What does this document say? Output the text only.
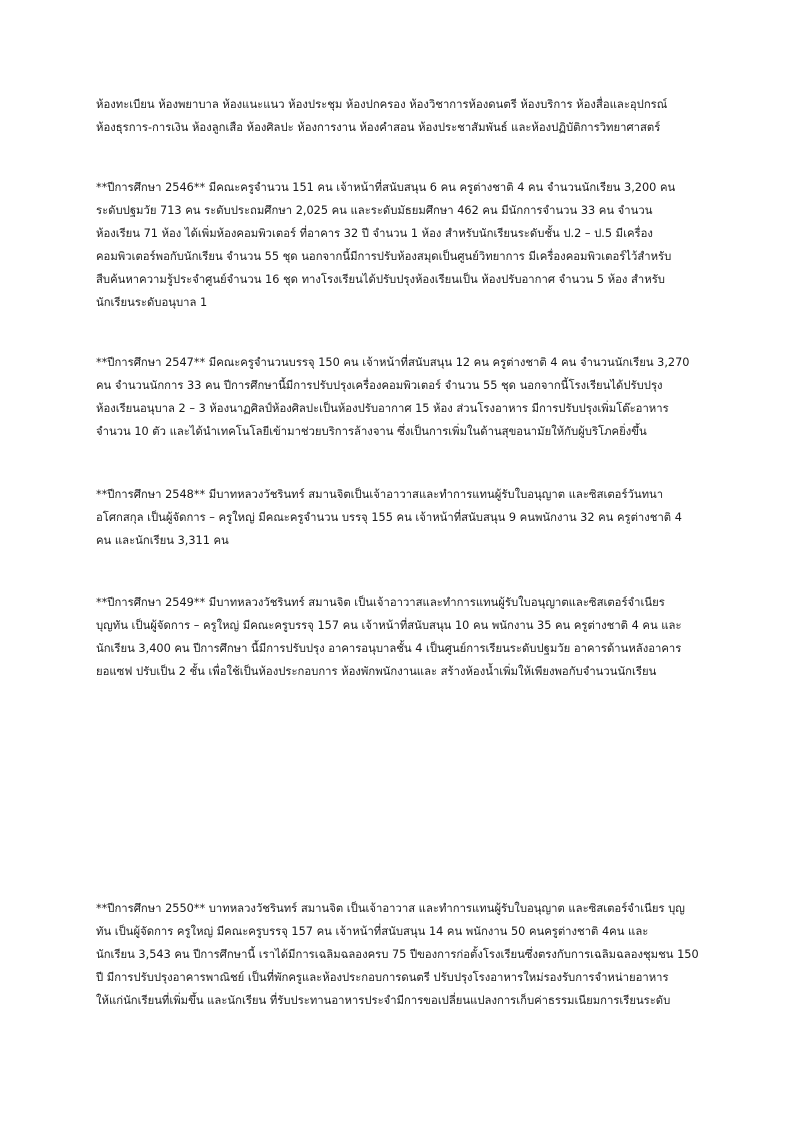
ห้องทะเบียน ห้องพยาบาล ห้องแนะแนว ห้องประชุม ห้องปกครอง ห้องวิชาการห้องดนตรี ห้องบริการ ห้องสื่อและอุปกรณ์
ห้องธุรการ-การเงิน ห้องลูกเสือ ห้องศิลปะ ห้องการงาน ห้องคำสอน ห้องประชาสัมพันธ์ และห้องปฏิบัติการวิทยาศาสตร์
**ปีการศึกษา 2546** มีคณะครูจำนวน 151 คน เจ้าหน้าที่สนับสนุน 6 คน ครูต่างชาติ 4 คน จำนวนนักเรียน 3,200 คน
ระดับปฐมวัย 713 คน ระดับประถมศึกษา 2,025 คน และระดับมัธยมศึกษา 462 คน มีนักการจำนวน 33 คน จำนวน
ห้องเรียน 71 ห้อง ได้เพิ่มห้องคอมพิวเตอร์ ที่อาคาร 32 ปี จำนวน 1 ห้อง สำหรับนักเรียนระดับชั้น ป.2 – ป.5 มีเครื่อง
คอมพิวเตอร์พอกับนักเรียน จำนวน 55 ชุด นอกจากนี้มีการปรับห้องสมุดเป็นศูนย์วิทยาการ มีเครื่องคอมพิวเตอร์ไว้สำหรับ
สืบค้นหาความรู้ประจำศูนย์จำนวน 16 ชุด ทางโรงเรียนได้ปรับปรุงห้องเรียนเป็น ห้องปรับอากาศ จำนวน 5 ห้อง สำหรับ
นักเรียนระดับอนุบาล 1
**ปีการศึกษา 2547** มีคณะครูจำนวนบรรจุ 150 คน เจ้าหน้าที่สนับสนุน 12 คน ครูต่างชาติ 4 คน จำนวนนักเรียน 3,270
คน จำนวนนักการ 33 คน ปีการศึกษานี้มีการปรับปรุงเครื่องคอมพิวเตอร์ จำนวน 55 ชุด นอกจากนี้โรงเรียนได้ปรับปรุง
ห้องเรียนอนุบาล 2 – 3 ห้องนาฏศิลป์ห้องศิลปะเป็นห้องปรับอากาศ 15 ห้อง ส่วนโรงอาหาร มีการปรับปรุงเพิ่มโต๊ะอาหาร
จำนวน 10 ตัว และได้นำเทคโนโลยีเข้ามาช่วยบริการล้างจาน ซึ่งเป็นการเพิ่มในด้านสุขอนามัยให้กับผู้บริโภคยิ่งขึ้น
**ปีการศึกษา 2548** มีบาทหลวงวัชรินทร์ สมานจิตเป็นเจ้าอาวาสและทำการแทนผู้รับใบอนุญาต และซิสเตอร์วันทนา
อโศกสกุล เป็นผู้จัดการ – ครูใหญ่ มีคณะครูจำนวน บรรจุ 155 คน เจ้าหน้าที่สนับสนุน 9 คนพนักงาน 32 คน ครูต่างชาติ 4
คน และนักเรียน 3,311 คน
**ปีการศึกษา 2549** มีบาทหลวงวัชรินทร์ สมานจิต เป็นเจ้าอาวาสและทำการแทนผู้รับใบอนุญาตและซิสเตอร์จำเนียร
บุญทัน เป็นผู้จัดการ – ครูใหญ่ มีคณะครูบรรจุ 157 คน เจ้าหน้าที่สนับสนุน 10 คน พนักงาน 35 คน ครูต่างชาติ 4 คน และ
นักเรียน 3,400 คน ปีการศึกษา นี้มีการปรับปรุง อาคารอนุบาลชั้น 4 เป็นศูนย์การเรียนระดับปฐมวัย อาคารด้านหลังอาคาร
ยอแซฟ ปรับเป็น 2 ชั้น เพื่อใช้เป็นห้องประกอบการ ห้องพักพนักงานและ สร้างห้องน้ำเพิ่มให้เพียงพอกับจำนวนนักเรียน
**ปีการศึกษา 2550** บาทหลวงวัชรินทร์ สมานจิต เป็นเจ้าอาวาส และทำการแทนผู้รับใบอนุญาต และซิสเตอร์จำเนียร บุญ
ทัน เป็นผู้จัดการ ครูใหญ่ มีคณะครูบรรจุ 157 คน เจ้าหน้าที่สนับสนุน 14 คน พนักงาน 50 คนครูต่างชาติ 4คน และ
นักเรียน 3,543 คน ปีการศึกษานี้ เราได้มีการเฉลิมฉลองครบ 75 ปีของการก่อตั้งโรงเรียนซึ่งตรงกับการเฉลิมฉลองชุมชน 150
ปี มีการปรับปรุงอาคารพาณิชย์ เป็นที่พักครูและห้องประกอบการดนตรี ปรับปรุงโรงอาหารใหม่รองรับการจำหน่ายอาหาร
ให้แก่นักเรียนที่เพิ่มขึ้น และนักเรียน ที่รับประทานอาหารประจำมีการขอเปลี่ยนแปลงการเก็บค่าธรรมเนียมการเรียนระดับ
